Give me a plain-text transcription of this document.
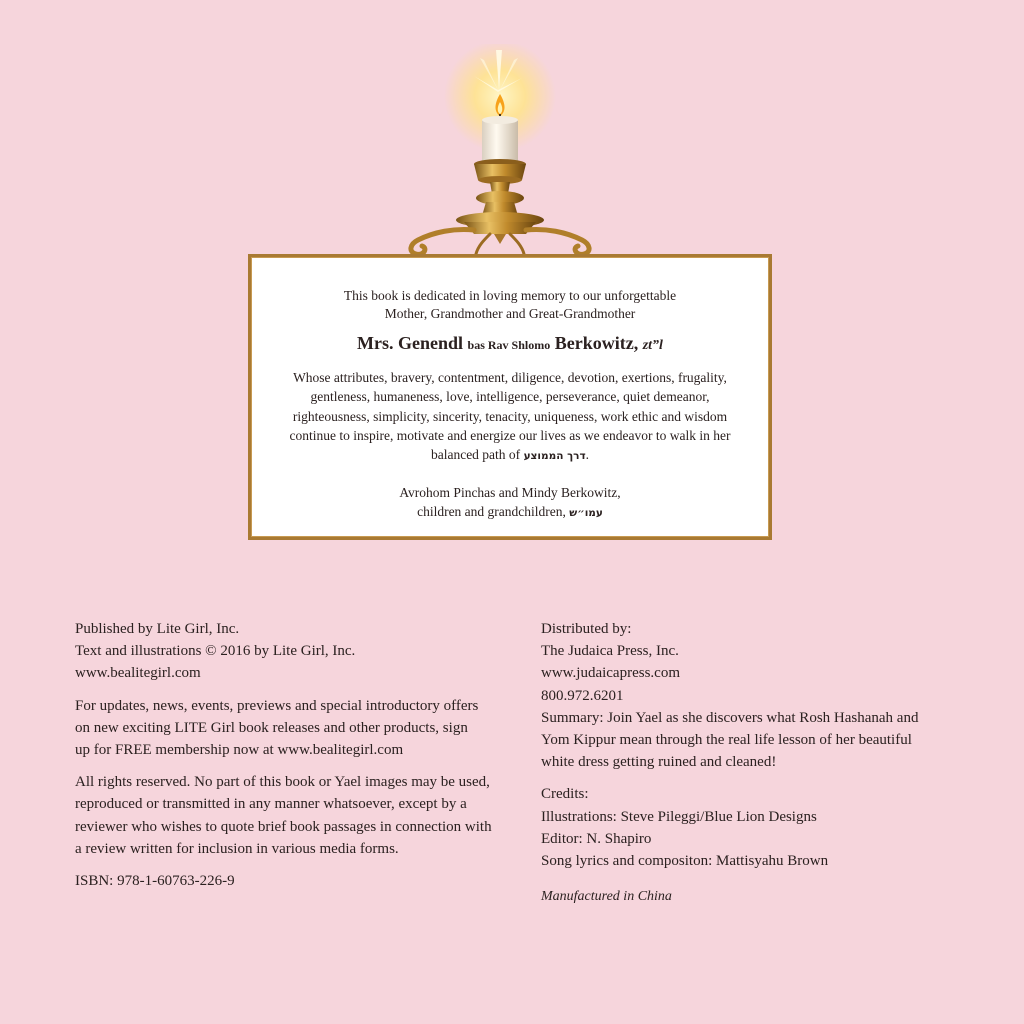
This book is dedicated in loving memory to our unforgettable
Mother, Grandmother and Great-Grandmother

Mrs. Genendl bas Rav Shlomo Berkowitz, zt”l

Whose attributes, bravery, contentment, diligence, devotion, exertions, frugality,
gentleness, humaneness, love, intelligence, perseverance, quiet demeanor,
righteousness, simplicity, sincerity, tenacity, uniqueness, work ethic and wisdom
continue to inspire, motivate and energize our lives as we endeavor to walk in her
balanced path of דרך הממוצע.

Avrohom Pinchas and Mindy Berkowitz,
children and grandchildren, עמו״ש

Published by Lite Girl, Inc.

Text and illustrations © 2016 by Lite Girl, Inc.

www.bealitegirl.com

For updates, news, events, previews and special introductory offers

on new exciting LITE Girl book releases and other products, sign

up for FREE membership now at www.bealitegirl.com

All rights reserved. No part of this book or Yael images may be used,

reproduced or transmitted in any manner whatsoever, except by a

reviewer who wishes to quote brief book passages in connection with

a review written for inclusion in various media forms.

ISBN: 978-1-60763-226-9

Distributed by:

The Judaica Press, Inc.

www.judaicapress.com

800.972.6201

Summary: Join Yael as she discovers what Rosh Hashanah and

Yom Kippur mean through the real life lesson of her beautiful

white dress getting ruined and cleaned!

Credits:

Illustrations: Steve Pileggi/Blue Lion Designs

Editor: N. Shapiro

Song lyrics and compositon: Mattisyahu Brown

Manufactured in China
